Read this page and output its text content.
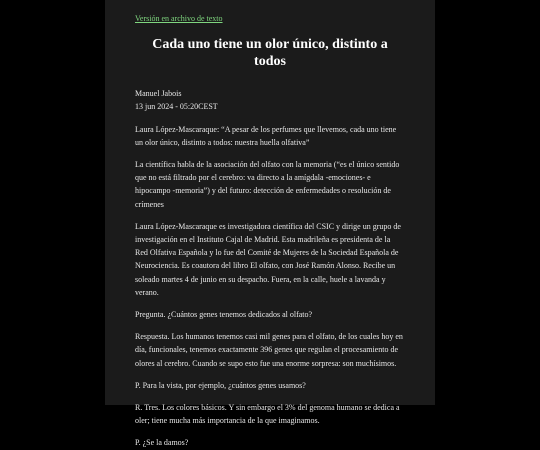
Versión en archivo de texto
Cada uno tiene un olor único, distinto a todos
Manuel Jabois
13 jun 2024 - 05:20CEST

Laura López-Mascaraque: “A pesar de los perfumes que llevemos, cada uno tiene un olor único, distinto a todos: nuestra huella olfativa”

La científica habla de la asociación del olfato con la memoria (“es el único sentido que no está filtrado por el cerebro: va directo a la amígdala -emociones- e hipocampo -memoria”) y del futuro: detección de enfermedades o resolución de crímenes

Laura López-Mascaraque es investigadora científica del CSIC y dirige un grupo de investigación en el Instituto Cajal de Madrid. Esta madrileña es presidenta de la Red Olfativa Española y lo fue del Comité de Mujeres de la Sociedad Española de Neurociencia. Es coautora del libro El olfato, con José Ramón Alonso. Recibe un soleado martes 4 de junio en su despacho. Fuera, en la calle, huele a lavanda y verano.

Pregunta. ¿Cuántos genes tenemos dedicados al olfato?

Respuesta. Los humanos tenemos casi mil genes para el olfato, de los cuales hoy en día, funcionales, tenemos exactamente 396 genes que regulan el procesamiento de olores al cerebro. Cuando se supo esto fue una enorme sorpresa: son muchísimos.

P. Para la vista, por ejemplo, ¿cuántos genes usamos?

R. Tres. Los colores básicos. Y sin embargo el 3% del genoma humano se dedica a oler; tiene mucha más importancia de la que imaginamos.

P. ¿Se la damos?
